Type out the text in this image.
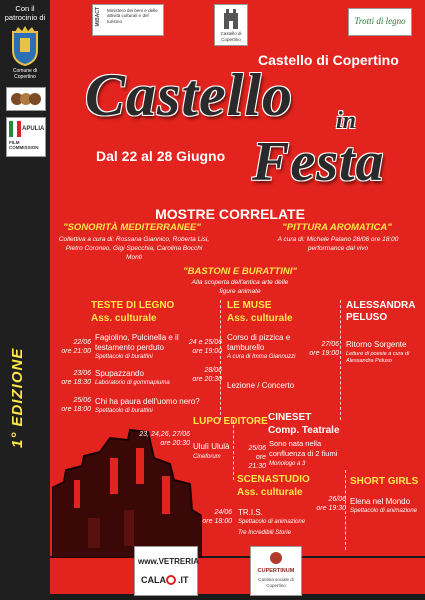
Con il patrocinio di
Comune di Copertino
APULIA
FILM COMMISSION
1° EDIZIONE
MiBACT	Ministero dei beni e delle attività culturali e del turismo
Castello di Copertino
Trotti di legno
Castello di Copertino
Castello in
Festa
Dal 22 al 28 Giugno
MOSTRE CORRELATE
"SONORITÀ MEDITERRANEE"
Collettiva a cura di: Rossana Giannico, Roberta Lisi, Pietro Coroneo, Gigi Specchia, Carolina Bocchi Monti
"PITTURA AROMATICA"
A cura di: Michele Palano 28/06 ore 18:00 performance dal vivo
"BASTONI E BURATTINI"
Alla scoperta dell'antica arte delle figure animate
TESTE DI LEGNO
Ass. culturale
22/06
ore 21:00
Fagiolino, Pulcinella e il testamento perduto
Spettacolo di burattini
23/06
ore 18:30
Spupazzando
Laboratorio di gommapiuma
25/06
ore 18:00
Chi ha paura dell'uomo nero?
Spettacolo di burattini
LE MUSE
Ass. culturale
24 e 25/06
ore 19:00
Corso di pizzica e tamburello
A cura di Imma Giannuzzi
28/06
ore 20:30
Lezione / Concerto
ALESSANDRA PELUSO
27/06
ore 19:00
Ritorno Sorgente
Letture di poesie a cura di Alessandra Peluso
LUPO EDITORE
23, 24,26, 27/06
ore 20:30 Ululì Ululà
Cineforum
CINESET
Comp. Teatrale
25/06
ore 21:30
Sono nata nella confluenza di 2 fiumi
Monologo a 3
SCENASTUDIO
Ass. culturale
24/06
ore 18:00
TR.I.S.
Spettacolo di animazione
Tre Incredibili Storie
SHORT GIRLS
26/06
ore 19:30
Elena nel Mondo
Spettacolo di animazione
www.VETRERIA
CALA .IT
CUPERTINUM
Cantina sociale di Copertino
